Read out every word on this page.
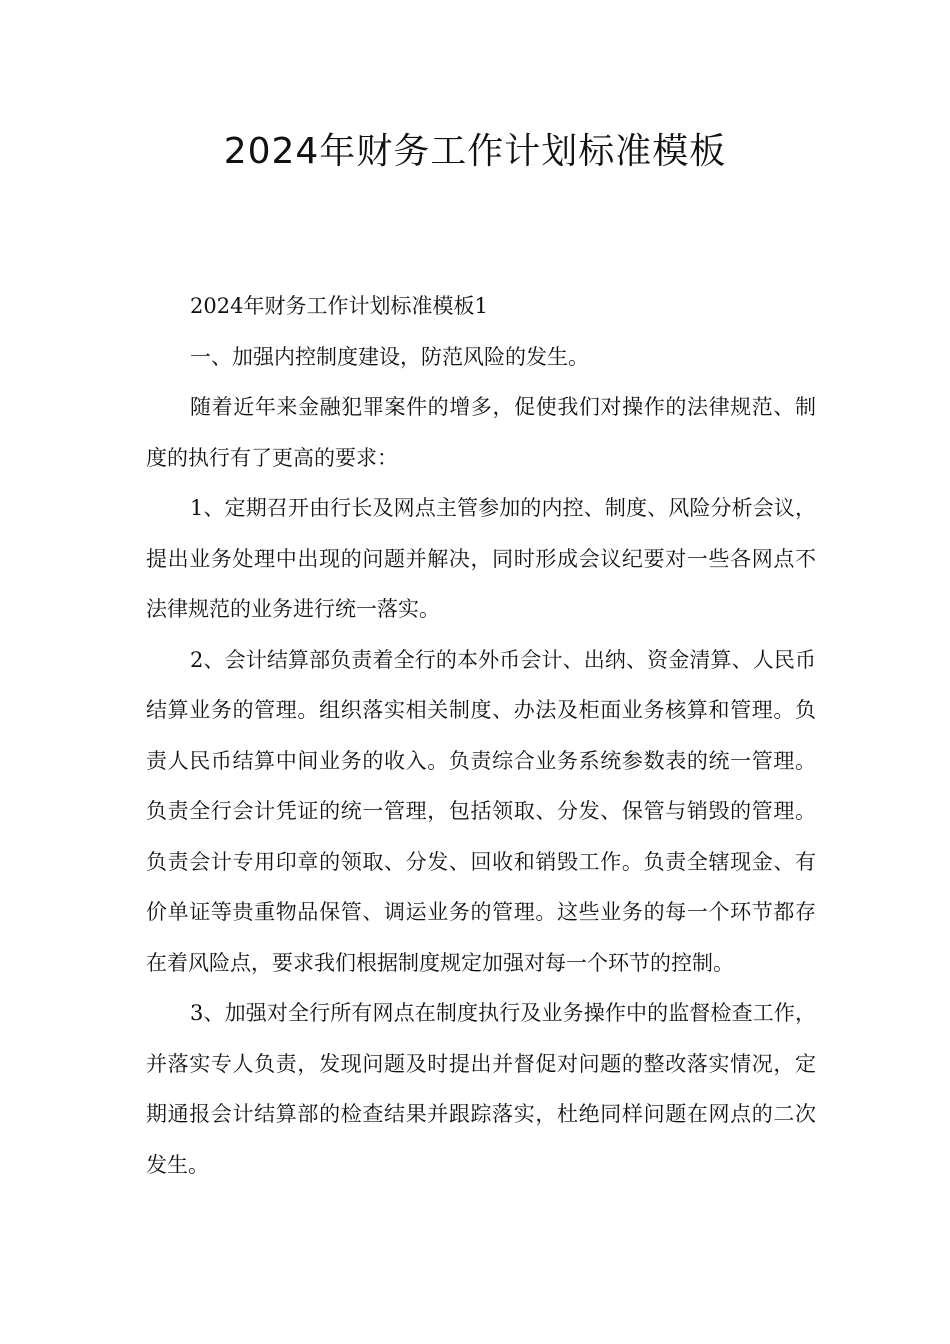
2024年财务工作计划标准模板

2024年财务工作计划标准模板1

一、加强内控制度建设，防范风险的发生。

随着近年来金融犯罪案件的增多，促使我们对操作的法律规范、制度的执行有了更高的要求：

1、定期召开由行长及网点主管参加的内控、制度、风险分析会议，提出业务处理中出现的问题并解决，同时形成会议纪要对一些各网点不法律规范的业务进行统一落实。

2、会计结算部负责着全行的本外币会计、出纳、资金清算、人民币结算业务的管理。组织落实相关制度、办法及柜面业务核算和管理。负责人民币结算中间业务的收入。负责综合业务系统参数表的统一管理。负责全行会计凭证的统一管理，包括领取、分发、保管与销毁的管理。负责会计专用印章的领取、分发、回收和销毁工作。负责全辖现金、有价单证等贵重物品保管、调运业务的管理。这些业务的每一个环节都存在着风险点，要求我们根据制度规定加强对每一个环节的控制。

3、加强对全行所有网点在制度执行及业务操作中的监督检查工作，并落实专人负责，发现问题及时提出并督促对问题的整改落实情况，定期通报会计结算部的检查结果并跟踪落实，杜绝同样问题在网点的二次发生。
